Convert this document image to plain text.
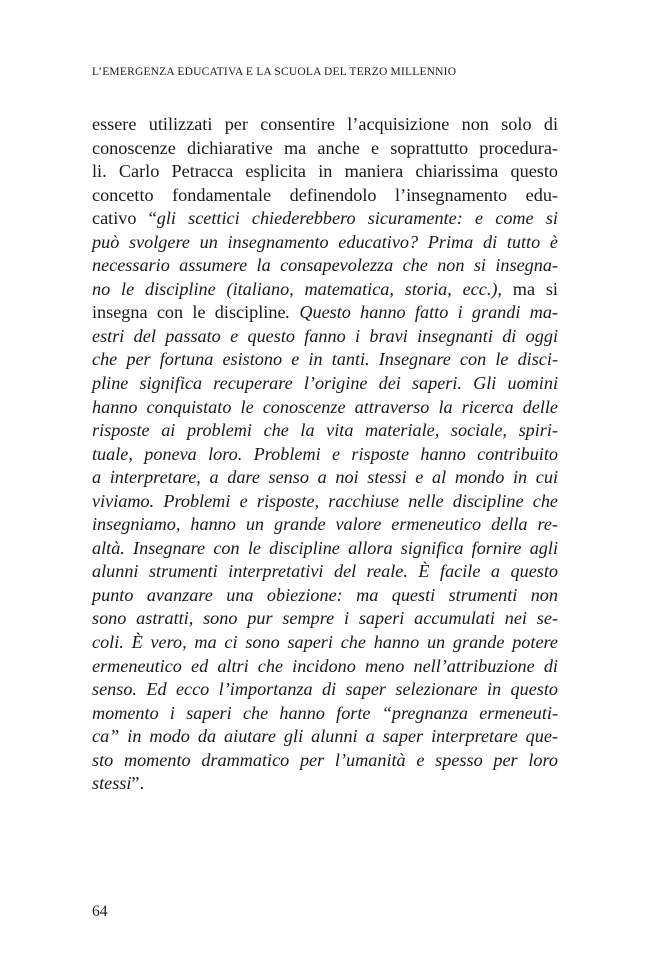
L’EMERGENZA EDUCATIVA E LA SCUOLA DEL TERZO MILLENNIO
essere utilizzati per consentire l’acquisizione non solo di
conoscenze dichiarative ma anche e soprattutto procedura-
li. Carlo Petracca esplicita in maniera chiarissima questo
concetto fondamentale definendolo l’insegnamento edu-
cativo “gli scettici chiederebbero sicuramente: e come si
può svolgere un insegnamento educativo? Prima di tutto è
necessario assumere la consapevolezza che non si insegna-
no le discipline (italiano, matematica, storia, ecc.), ma si
insegna con le discipline. Questo hanno fatto i grandi ma-
estri del passato e questo fanno i bravi insegnanti di oggi
che per fortuna esistono e in tanti. Insegnare con le disci-
pline significa recuperare l’origine dei saperi. Gli uomini
hanno conquistato le conoscenze attraverso la ricerca delle
risposte ai problemi che la vita materiale, sociale, spiri-
tuale, poneva loro. Problemi e risposte hanno contribuito
a interpretare, a dare senso a noi stessi e al mondo in cui
viviamo. Problemi e risposte, racchiuse nelle discipline che
insegniamo, hanno un grande valore ermeneutico della re-
altà. Insegnare con le discipline allora significa fornire agli
alunni strumenti interpretativi del reale. È facile a questo
punto avanzare una obiezione: ma questi strumenti non
sono astratti, sono pur sempre i saperi accumulati nei se-
coli. È vero, ma ci sono saperi che hanno un grande potere
ermeneutico ed altri che incidono meno nell’attribuzione di
senso. Ed ecco l’importanza di saper selezionare in questo
momento i saperi che hanno forte “pregnanza ermeneuti-
ca” in modo da aiutare gli alunni a saper interpretare que-
sto momento drammatico per l’umanità e spesso per loro
stessi”.
64
